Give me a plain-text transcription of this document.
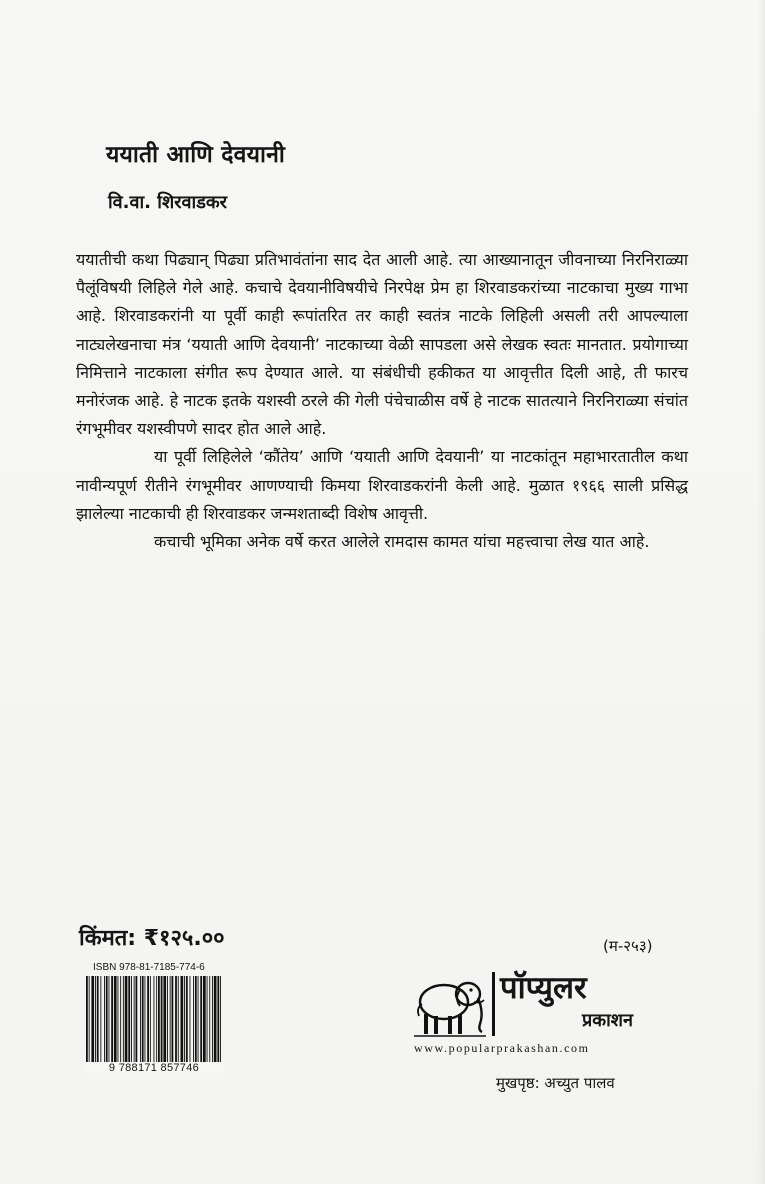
ययाती आणि देवयानी
वि.वा. शिरवाडकर

ययातीची कथा पिढ्यान् पिढ्या प्रतिभावंतांना साद देत आली आहे. त्या आख्यानातून जीवनाच्या निरनिराळ्या पैलूंविषयी लिहिले गेले आहे. कचाचे देवयानीविषयीचे निरपेक्ष प्रेम हा शिरवाडकरांच्या नाटकाचा मुख्य गाभा आहे. शिरवाडकरांनी या पूर्वी काही रूपांतरित तर काही स्वतंत्र नाटके लिहिली असली तरी आपल्याला नाट्यलेखनाचा मंत्र ‘ययाती आणि देवयानी’ नाटकाच्या वेळी सापडला असे लेखक स्वतः मानतात. प्रयोगाच्या निमित्ताने नाटकाला संगीत रूप देण्यात आले. या संबंधीची हकीकत या आवृत्तीत दिली आहे, ती फारच मनोरंजक आहे. हे नाटक इतके यशस्वी ठरले की गेली पंचेचाळीस वर्षे हे नाटक सातत्याने निरनिराळ्या संचांत रंगभूमीवर यशस्वीपणे सादर होत आले आहे.

या पूर्वी लिहिलेले ‘कौंतेय’ आणि ‘ययाती आणि देवयानी’ या नाटकांतून महाभारतातील कथा नावीन्यपूर्ण रीतीने रंगभूमीवर आणण्याची किमया शिरवाडकरांनी केली आहे. मुळात १९६६ साली प्रसिद्ध झालेल्या नाटकाची ही शिरवाडकर जन्मशताब्दी विशेष आवृत्ती.

कचाची भूमिका अनेक वर्षे करत आलेले रामदास कामत यांचा महत्त्वाचा लेख यात आहे.

किंमत: ₹१२५.००	(म-२५३)
ISBN 978-81-7185-774-6
9 788171 857746
पॉप्युलर
प्रकाशन
www.popularprakashan.com
मुखपृष्ठ: अच्युत पालव
